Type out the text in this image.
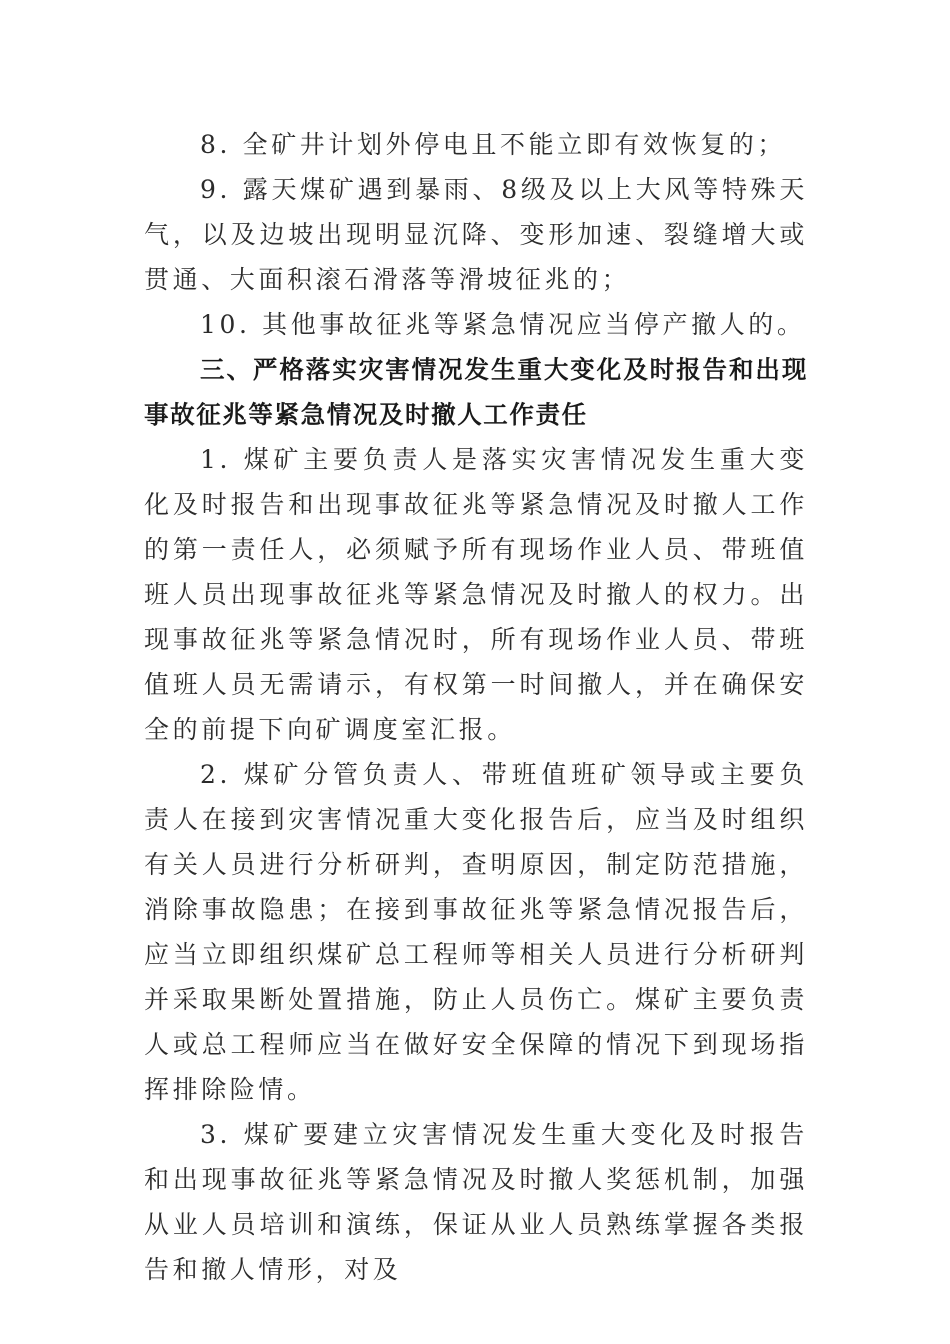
8. 全矿井计划外停电且不能立即有效恢复的；

9. 露天煤矿遇到暴雨、8级及以上大风等特殊天气，以及边坡出现明显沉降、变形加速、裂缝增大或贯通、大面积滚石滑落等滑坡征兆的；

10. 其他事故征兆等紧急情况应当停产撤人的。

三、严格落实灾害情况发生重大变化及时报告和出现事故征兆等紧急情况及时撤人工作责任

1. 煤矿主要负责人是落实灾害情况发生重大变化及时报告和出现事故征兆等紧急情况及时撤人工作的第一责任人，必须赋予所有现场作业人员、带班值班人员出现事故征兆等紧急情况及时撤人的权力。出现事故征兆等紧急情况时，所有现场作业人员、带班值班人员无需请示，有权第一时间撤人，并在确保安全的前提下向矿调度室汇报。

2. 煤矿分管负责人、带班值班矿领导或主要负责人在接到灾害情况重大变化报告后，应当及时组织有关人员进行分析研判，查明原因，制定防范措施，消除事故隐患；在接到事故征兆等紧急情况报告后，应当立即组织煤矿总工程师等相关人员进行分析研判并采取果断处置措施，防止人员伤亡。煤矿主要负责人或总工程师应当在做好安全保障的情况下到现场指挥排除险情。

3. 煤矿要建立灾害情况发生重大变化及时报告和出现事故征兆等紧急情况及时撤人奖惩机制，加强从业人员培训和演练，保证从业人员熟练掌握各类报告和撤人情形，对及
